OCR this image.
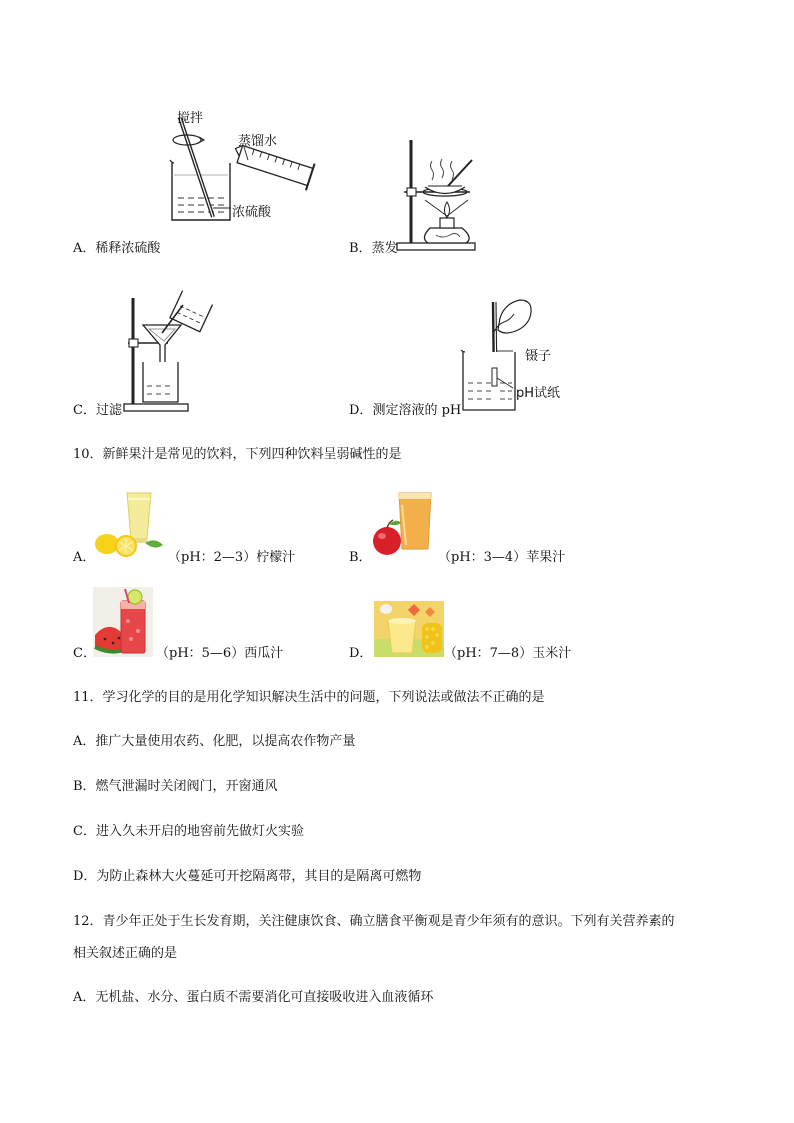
搅拌
蒸馏水
浓硫酸
A．稀释浓硫酸	B．蒸发
镊子
pH试纸
C．过滤	D．测定溶液的 pH
10．新鲜果汁是常见的饮料，下列四种饮料呈弱碱性的是
A．	（pH：2—3）柠檬汁	B．	（pH：3—4）苹果汁
C．	（pH：5—6）西瓜汁	D．	（pH：7—8）玉米汁
11．学习化学的目的是用化学知识解决生活中的问题，下列说法或做法不正确的是
A．推广大量使用农药、化肥，以提高农作物产量
B．燃气泄漏时关闭阀门，开窗通风
C．进入久未开启的地窖前先做灯火实验
D．为防止森林大火蔓延可开挖隔离带，其目的是隔离可燃物
12．青少年正处于生长发育期，关注健康饮食、确立膳食平衡观是青少年须有的意识。下列有关营养素的
相关叙述正确的是
A．无机盐、水分、蛋白质不需要消化可直接吸收进入血液循环
